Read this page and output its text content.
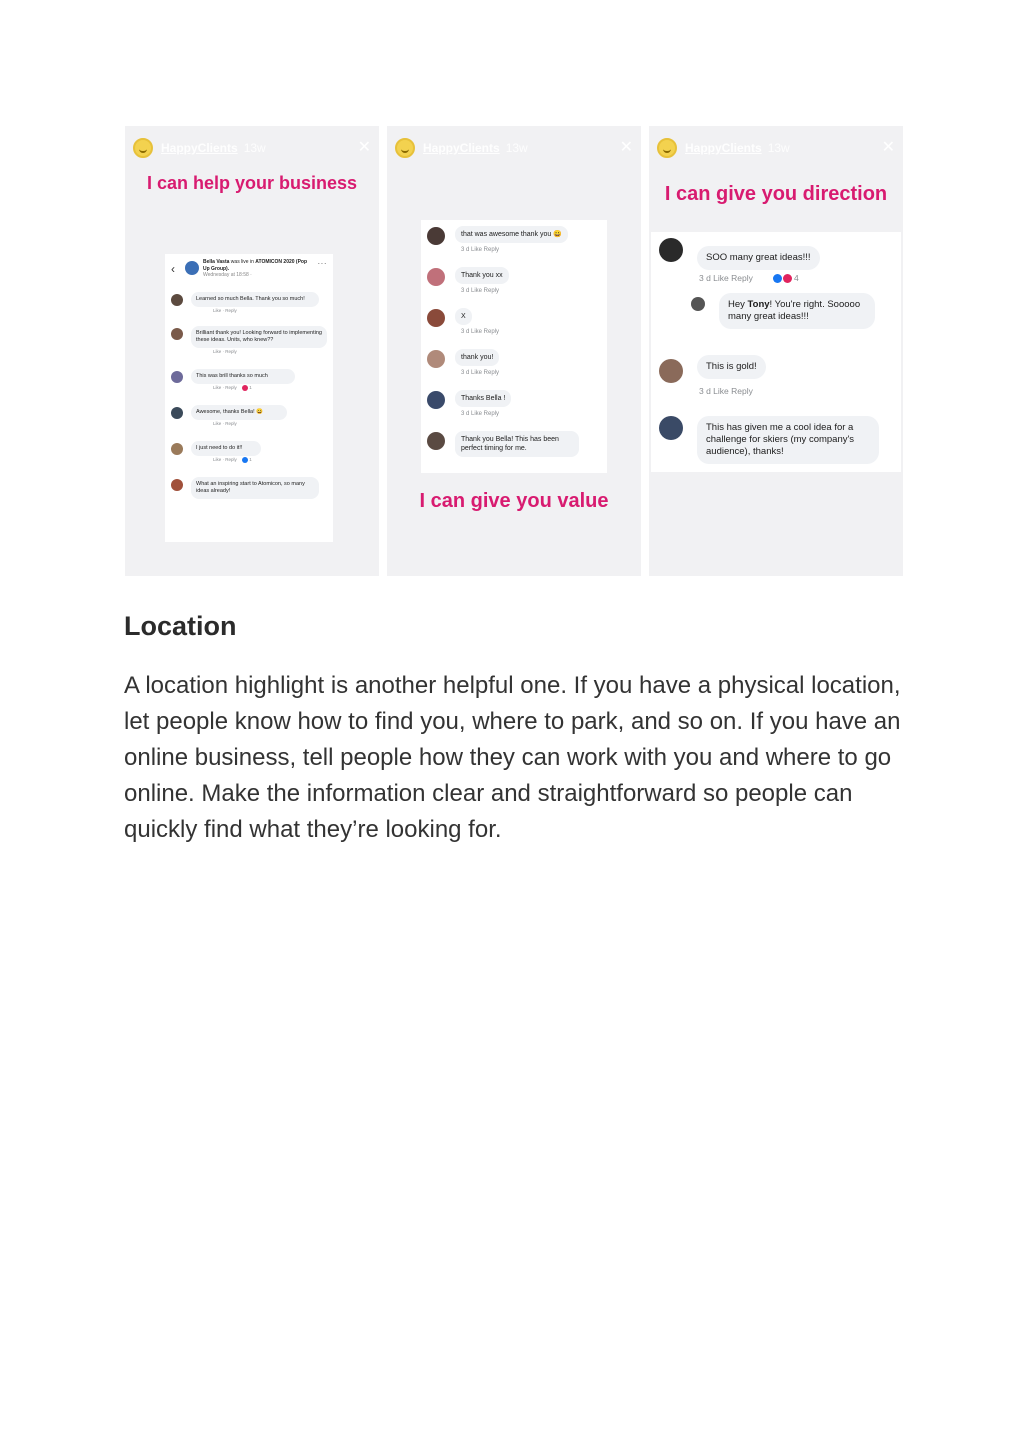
HappyClients 13w	✕
I can help your business
‹	Bella Vasta was live in ATOMICON 2020 (Pop Up Group).
Wednesday at 18:58 ·
···
Learned so much Bella. Thank you so much!
Like · Reply
Brilliant thank you! Looking forward to implementing these ideas. Units, who knew??
Like · Reply
This was brill thanks so much
Like · Reply	1
Awesome, thanks Bella! 😀
Like · Reply
I just need to do it!!
Like · Reply	1
What an inspiring start to Atomicon, so many ideas already!
HappyClients 13w	✕
that was awesome thank you 😀
3 d Like Reply
Thank you xx
3 d Like Reply
X
3 d Like Reply
thank you!
3 d Like Reply
Thanks Bella !
3 d Like Reply
Thank you Bella! This has been perfect timing for me.
I can give you value
HappyClients 13w	✕
I can give you direction
SOO many great ideas!!!
3 d Like Reply	4
Hey Tony! You're right. Sooooo many great ideas!!!
This is gold!
3 d Like Reply
This has given me a cool idea for a challenge for skiers (my company's audience), thanks!
Location

A location highlight is another helpful one. If you have a physical location, let people know how to find you, where to park, and so on. If you have an online business, tell people how they can work with you and where to go online. Make the information clear and straightforward so people can quickly find what they’re looking for.
